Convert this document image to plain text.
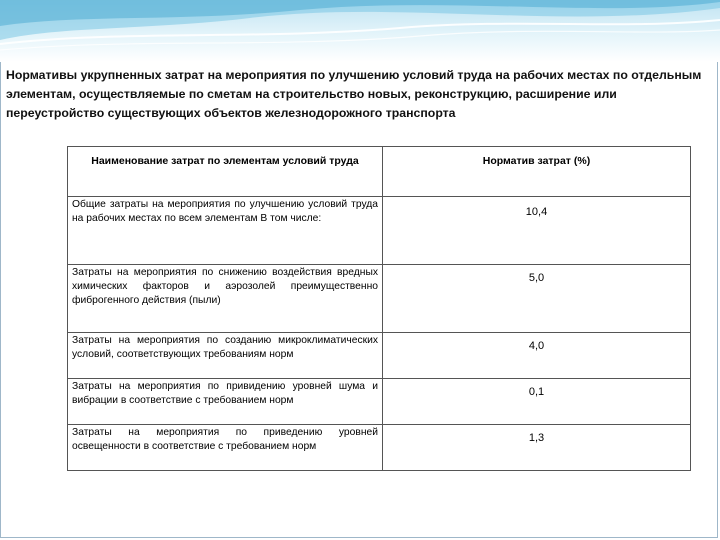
Нормативы укрупненных затрат на мероприятия по улучшению условий труда на рабочих местах по отдельным элементам, осуществляемые по сметам на строительство новых, реконструкцию, расширение или переустройство существующих объектов железнодорожного транспорта
Наименование затрат по элементам условий труда	Норматив затрат (%)
Общие затраты на мероприятия по улучшению условий труда на рабочих местах по всем элементам В том числе:	10,4
Затраты на мероприятия по снижению воздействия вредных химических факторов и аэрозолей преимущественно фиброгенного действия (пыли)	5,0
Затраты на мероприятия по созданию микроклиматических условий, соответствующих требованиям норм	4,0
Затраты на мероприятия по привидению уровней шума и вибрации в соответствие с требованием норм	0,1
Затраты на мероприятия по приведению уровней освещенности в соответствие с требованием норм	1,3
